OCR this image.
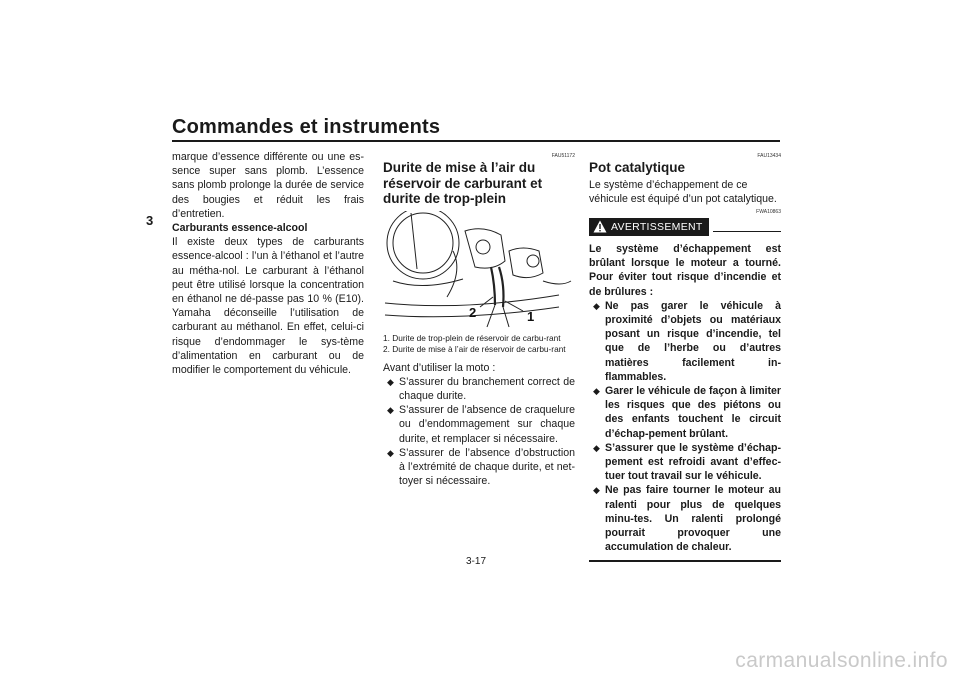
Commandes et instruments
3

marque d’essence différente ou une es-sence super sans plomb. L’essence sans plomb prolonge la durée de service des bougies et réduit les frais d’entretien.

Carburants essence-alcool

Il existe deux types de carburants essence-alcool : l’un à l’éthanol et l’autre au métha-nol. Le carburant à l’éthanol peut être utilisé lorsque la concentration en éthanol ne dé-passe pas 10 % (E10). Yamaha déconseille l’utilisation de carburant au méthanol. En effet, celui-ci risque d’endommager le sys-tème d’alimentation en carburant ou de modifier le comportement du véhicule.

FAU51172
Durite de mise à l’air du réservoir de carburant et durite de trop-plein
2	1
1. Durite de trop-plein de réservoir de carbu-rant
2. Durite de mise à l’air de réservoir de carbu-rant

Avant d’utiliser la moto :

◆ S’assurer du branchement correct de chaque durite.
◆ S’assurer de l’absence de craquelure ou d’endommagement sur chaque durite, et remplacer si nécessaire.
◆ S’assurer de l’absence d’obstruction à l’extrémité de chaque durite, et net-toyer si nécessaire.
FAU13434
Pot catalytique

Le système d’échappement de ce véhicule est équipé d’un pot catalytique.

FWA10863
AVERTISSEMENT

Le système d’échappement est brûlant lorsque le moteur a tourné. Pour éviter tout risque d’incendie et de brûlures :

◆ Ne pas garer le véhicule à proximité d’objets ou matériaux posant un risque d’incendie, tel que de l’herbe ou d’autres matières facilement in-flammables.
◆ Garer le véhicule de façon à limiter les risques que des piétons ou des enfants touchent le circuit d’échap-pement brûlant.
◆ S’assurer que le système d’échap-pement est refroidi avant d’effec-tuer tout travail sur le véhicule.
◆ Ne pas faire tourner le moteur au ralenti pour plus de quelques minu-tes. Un ralenti prolongé pourrait provoquer une accumulation de chaleur.
3-17
carmanualsonline.info
